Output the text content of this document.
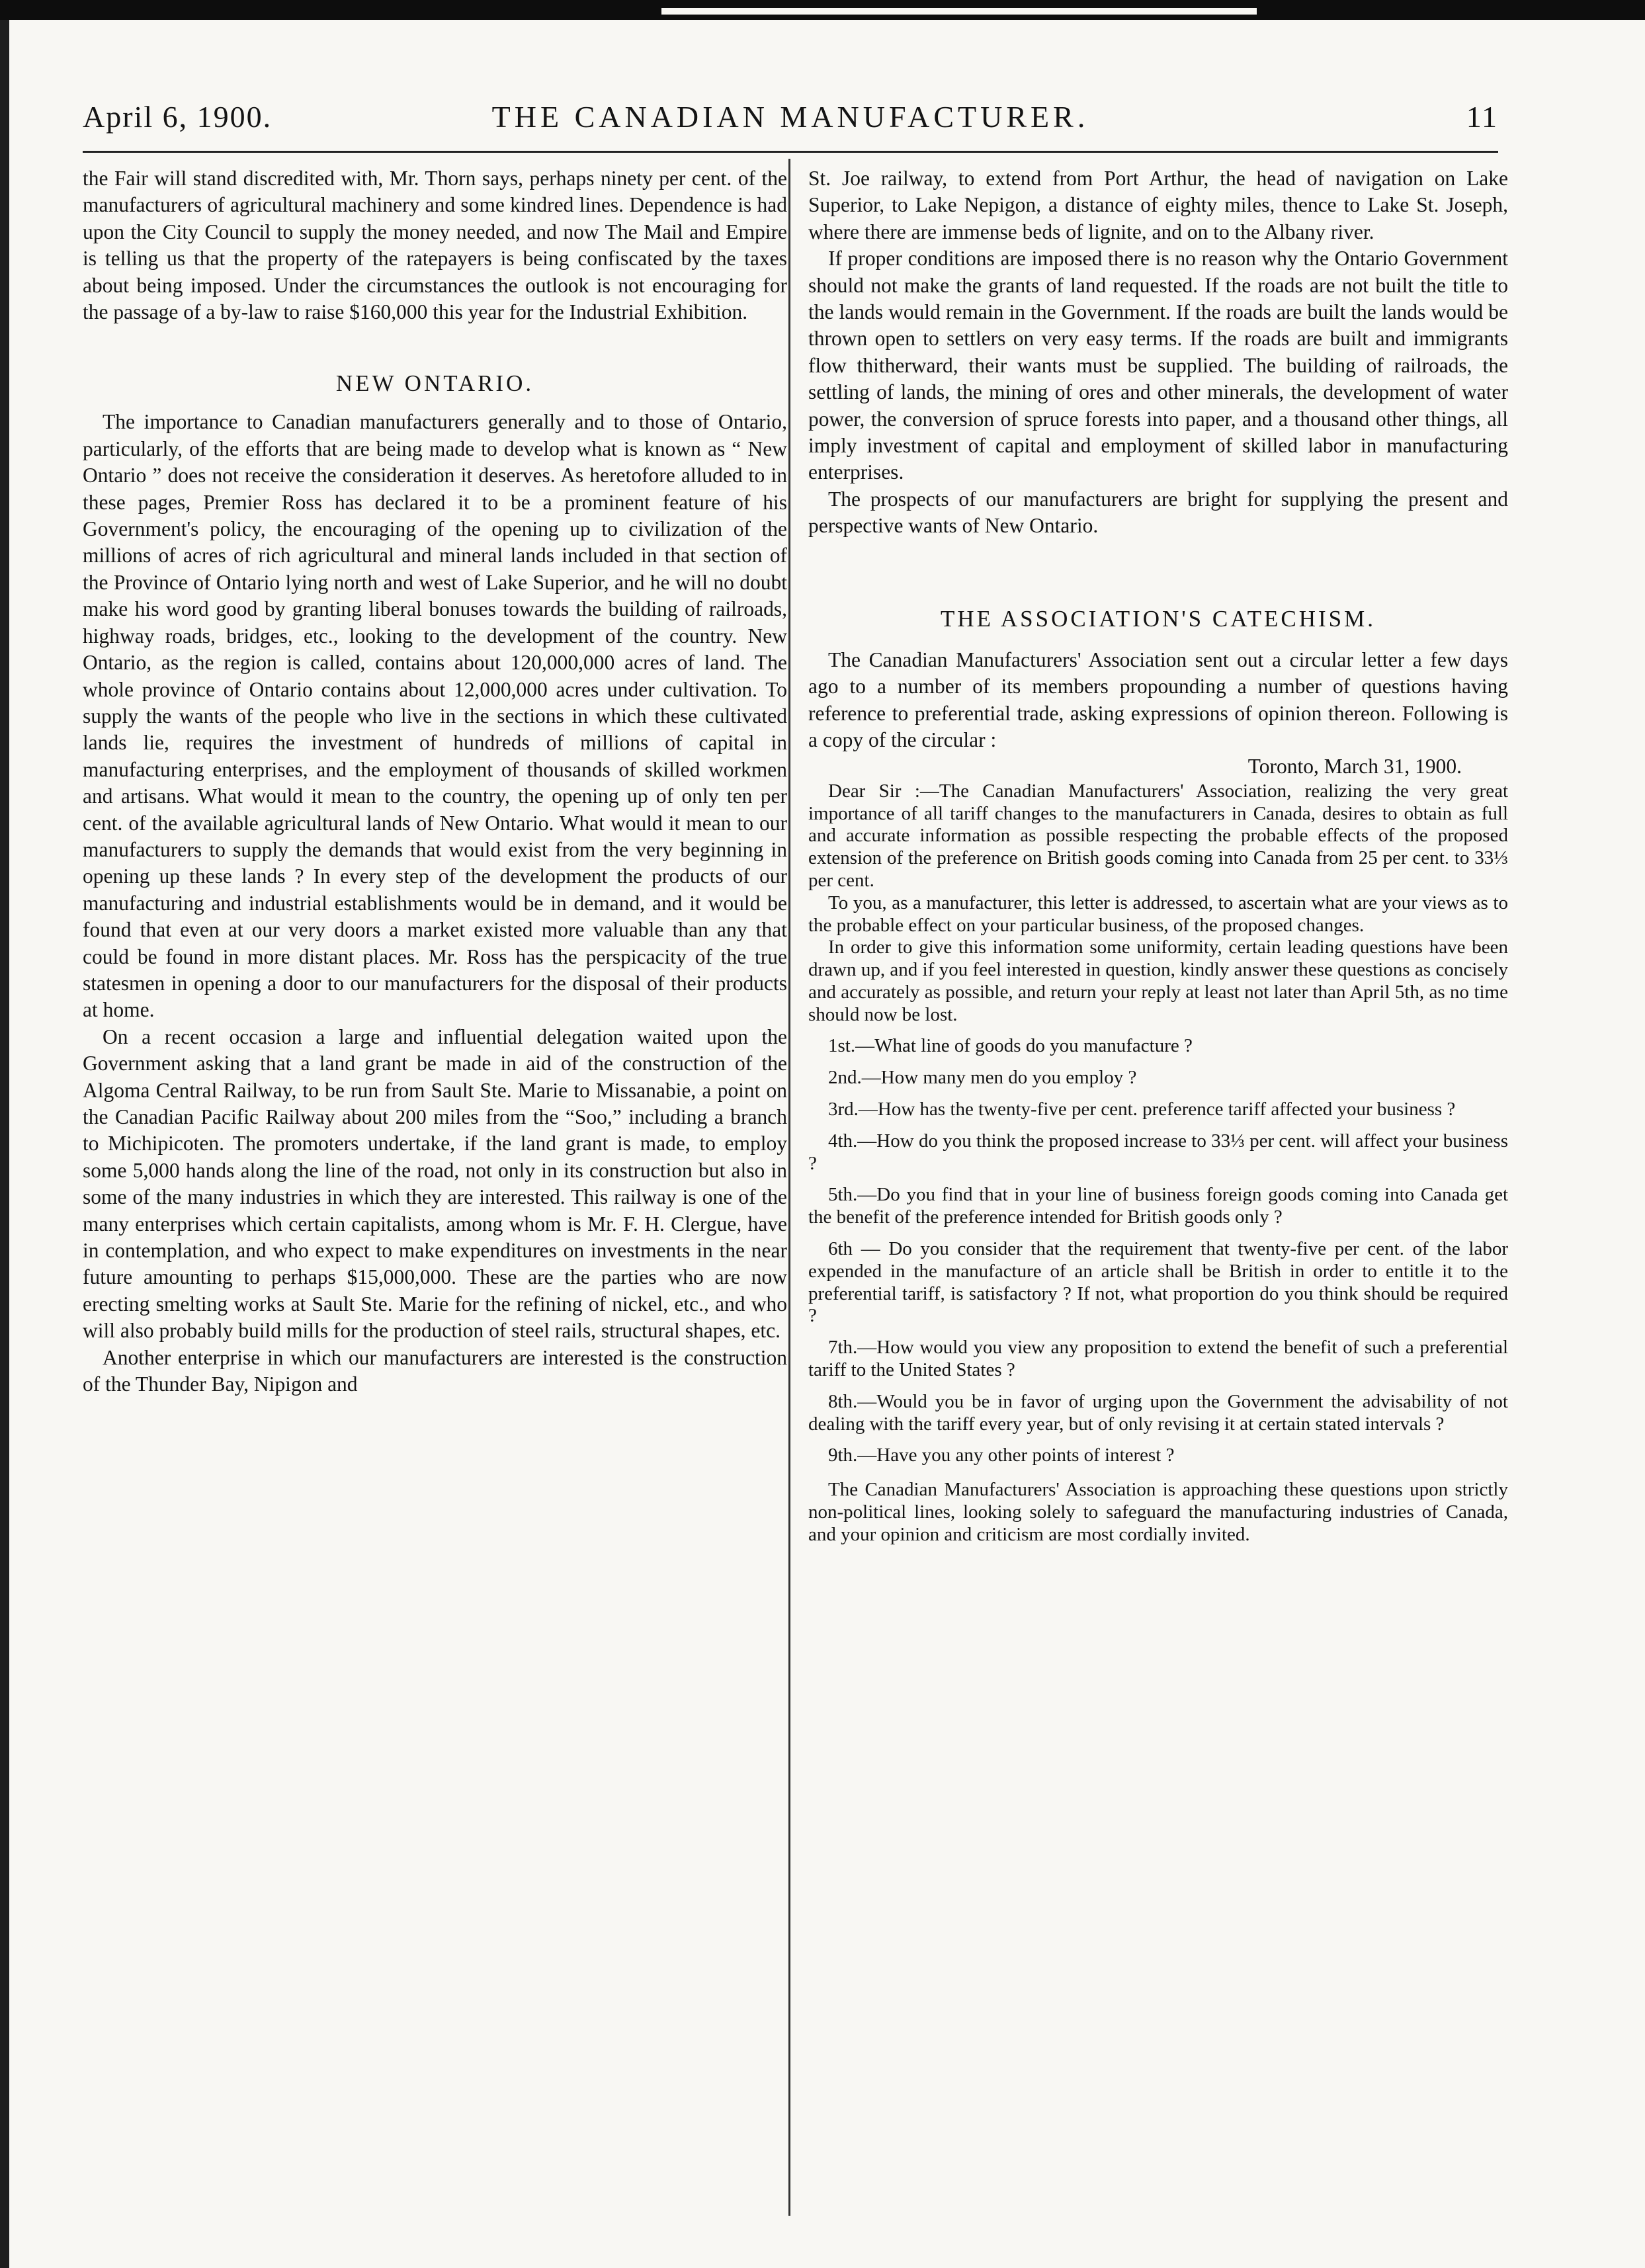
April 6, 1900.	THE CANADIAN MANUFACTURER.	11

the Fair will stand discredited with, Mr. Thorn says, perhaps ninety per cent. of the manufacturers of agricultural machinery and some kindred lines. Dependence is had upon the City Council to supply the money needed, and now The Mail and Empire is telling us that the property of the ratepayers is being confiscated by the taxes about being imposed. Under the circumstances the outlook is not encouraging for the passage of a by-law to raise $160,000 this year for the Industrial Exhibition.

NEW ONTARIO.

The importance to Canadian manufacturers generally and to those of Ontario, particularly, of the efforts that are being made to develop what is known as “ New Ontario ” does not receive the consideration it deserves. As heretofore alluded to in these pages, Premier Ross has declared it to be a prominent feature of his Government's policy, the encouraging of the opening up to civilization of the millions of acres of rich agricultural and mineral lands included in that section of the Province of Ontario lying north and west of Lake Superior, and he will no doubt make his word good by granting liberal bonuses towards the building of railroads, highway roads, bridges, etc., looking to the development of the country. New Ontario, as the region is called, contains about 120,000,000 acres of land. The whole province of Ontario contains about 12,000,000 acres under cultivation. To supply the wants of the people who live in the sections in which these cultivated lands lie, requires the investment of hundreds of millions of capital in manufacturing enterprises, and the employment of thousands of skilled workmen and artisans. What would it mean to the country, the opening up of only ten per cent. of the available agricultural lands of New Ontario. What would it mean to our manufacturers to supply the demands that would exist from the very beginning in opening up these lands ? In every step of the development the products of our manufacturing and industrial establishments would be in demand, and it would be found that even at our very doors a market existed more valuable than any that could be found in more distant places. Mr. Ross has the perspicacity of the true statesmen in opening a door to our manufacturers for the disposal of their products at home.

On a recent occasion a large and influential delegation waited upon the Government asking that a land grant be made in aid of the construction of the Algoma Central Railway, to be run from Sault Ste. Marie to Missanabie, a point on the Canadian Pacific Railway about 200 miles from the “Soo,” including a branch to Michipicoten. The promoters undertake, if the land grant is made, to employ some 5,000 hands along the line of the road, not only in its construction but also in some of the many industries in which they are interested. This railway is one of the many enterprises which certain capitalists, among whom is Mr. F. H. Clergue, have in contemplation, and who expect to make expenditures on investments in the near future amounting to perhaps $15,000,000. These are the parties who are now erecting smelting works at Sault Ste. Marie for the refining of nickel, etc., and who will also probably build mills for the production of steel rails, structural shapes, etc.

Another enterprise in which our manufacturers are interested is the construction of the Thunder Bay, Nipigon and

St. Joe railway, to extend from Port Arthur, the head of navigation on Lake Superior, to Lake Nepigon, a distance of eighty miles, thence to Lake St. Joseph, where there are immense beds of lignite, and on to the Albany river.

If proper conditions are imposed there is no reason why the Ontario Government should not make the grants of land requested. If the roads are not built the title to the lands would remain in the Government. If the roads are built the lands would be thrown open to settlers on very easy terms. If the roads are built and immigrants flow thitherward, their wants must be supplied. The building of railroads, the settling of lands, the mining of ores and other minerals, the development of water power, the conversion of spruce forests into paper, and a thousand other things, all imply investment of capital and employment of skilled labor in manufacturing enterprises.

The prospects of our manufacturers are bright for supplying the present and perspective wants of New Ontario.

THE ASSOCIATION'S CATECHISM.

The Canadian Manufacturers' Association sent out a circular letter a few days ago to a number of its members propounding a number of questions having reference to preferential trade, asking expressions of opinion thereon. Following is a copy of the circular :

Toronto, March 31, 1900.

Dear Sir :—The Canadian Manufacturers' Association, realizing the very great importance of all tariff changes to the manufacturers in Canada, desires to obtain as full and accurate information as possible respecting the probable effects of the proposed extension of the preference on British goods coming into Canada from 25 per cent. to 33⅓ per cent.

To you, as a manufacturer, this letter is addressed, to ascertain what are your views as to the probable effect on your particular business, of the proposed changes.

In order to give this information some uniformity, certain leading questions have been drawn up, and if you feel interested in question, kindly answer these questions as concisely and accurately as possible, and return your reply at least not later than April 5th, as no time should now be lost.

1st.—What line of goods do you manufacture ?

2nd.—How many men do you employ ?

3rd.—How has the twenty-five per cent. preference tariff affected your business ?

4th.—How do you think the proposed increase to 33⅓ per cent. will affect your business ?

5th.—Do you find that in your line of business foreign goods coming into Canada get the benefit of the preference intended for British goods only ?

6th — Do you consider that the requirement that twenty-five per cent. of the labor expended in the manufacture of an article shall be British in order to entitle it to the preferential tariff, is satisfactory ? If not, what proportion do you think should be required ?

7th.—How would you view any proposition to extend the benefit of such a preferential tariff to the United States ?

8th.—Would you be in favor of urging upon the Government the advisability of not dealing with the tariff every year, but of only revising it at certain stated intervals ?

9th.—Have you any other points of interest ?

The Canadian Manufacturers' Association is approaching these questions upon strictly non-political lines, looking solely to safeguard the manufacturing industries of Canada, and your opinion and criticism are most cordially invited.
